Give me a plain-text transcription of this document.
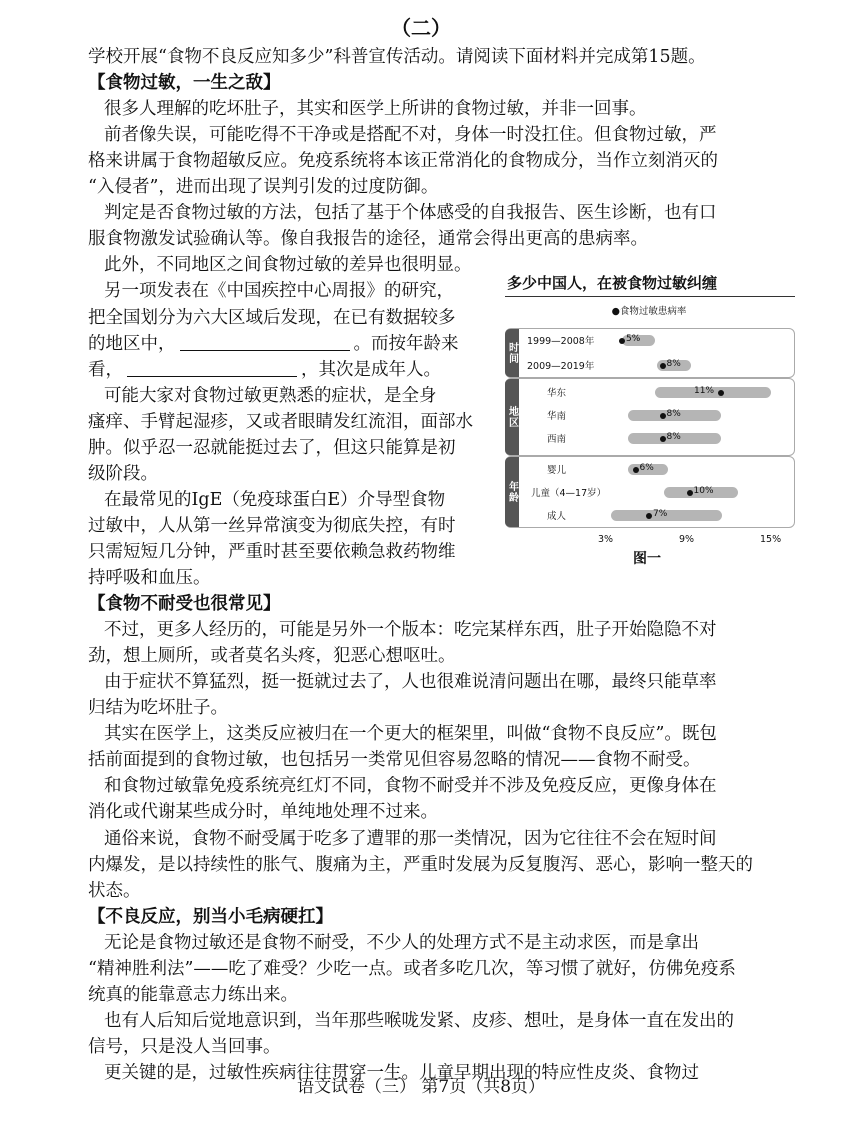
（二）
学校开展“食物不良反应知多少”科普宣传活动。请阅读下面材料并完成第15题。
【食物过敏，一生之敌】
很多人理解的吃坏肚子，其实和医学上所讲的食物过敏，并非一回事。
前者像失误，可能吃得不干净或是搭配不对，身体一时没扛住。但食物过敏，严
格来讲属于食物超敏反应。免疫系统将本该正常消化的食物成分，当作立刻消灭的
“入侵者”，进而出现了误判引发的过度防御。
判定是否食物过敏的方法，包括了基于个体感受的自我报告、医生诊断，也有口
服食物激发试验确认等。像自我报告的途径，通常会得出更高的患病率。
此外，不同地区之间食物过敏的差异也很明显。
另一项发表在《中国疾控中心周报》的研究，
把全国划分为六大区域后发现，在已有数据较多
的地区中，	。而按年龄来
看，	，其次是成年人。
可能大家对食物过敏更熟悉的症状，是全身
瘙痒、手臂起湿疹，又或者眼睛发红流泪，面部水
肿。似乎忍一忍就能挺过去了，但这只能算是初
级阶段。
在最常见的IgE（免疫球蛋白E）介导型食物
过敏中，人从第一丝异常演变为彻底失控，有时
只需短短几分钟，严重时甚至要依赖急救药物维
持呼吸和血压。
【食物不耐受也很常见】
不过，更多人经历的，可能是另外一个版本：吃完某样东西，肚子开始隐隐不对
劲，想上厕所，或者莫名头疼，犯恶心想呕吐。
由于症状不算猛烈，挺一挺就过去了，人也很难说清问题出在哪，最终只能草率
归结为吃坏肚子。
其实在医学上，这类反应被归在一个更大的框架里，叫做“食物不良反应”。既包
括前面提到的食物过敏，也包括另一类常见但容易忽略的情况——食物不耐受。
和食物过敏靠免疫系统亮红灯不同，食物不耐受并不涉及免疫反应，更像身体在
消化或代谢某些成分时，单纯地处理不过来。
通俗来说，食物不耐受属于吃多了遭罪的那一类情况，因为它往往不会在短时间
内爆发，是以持续性的胀气、腹痛为主，严重时发展为反复腹泻、恶心，影响一整天的
状态。
【不良反应，别当小毛病硬扛】
无论是食物过敏还是食物不耐受，不少人的处理方式不是主动求医，而是拿出
“精神胜利法”——吃了难受？少吃一点。或者多吃几次，等习惯了就好，仿佛免疫系
统真的能靠意志力练出来。
也有人后知后觉地意识到，当年那些喉咙发紧、皮疹、想吐，是身体一直在发出的
信号，只是没人当回事。
更关键的是，过敏性疾病往往贯穿一生。儿童早期出现的特应性皮炎、食物过
多少中国人，在被食物过敏纠缠
●食物过敏患病率
时间
1999—2008年	5%
2009—2019年	8%
地区
华东	11%
华南	8%
西南	8%
年龄
婴儿	6%
儿童（4—17岁）	10%
成人	7%
3%	9%	15%
图一
语文试卷（三） 第7页（共8页）
